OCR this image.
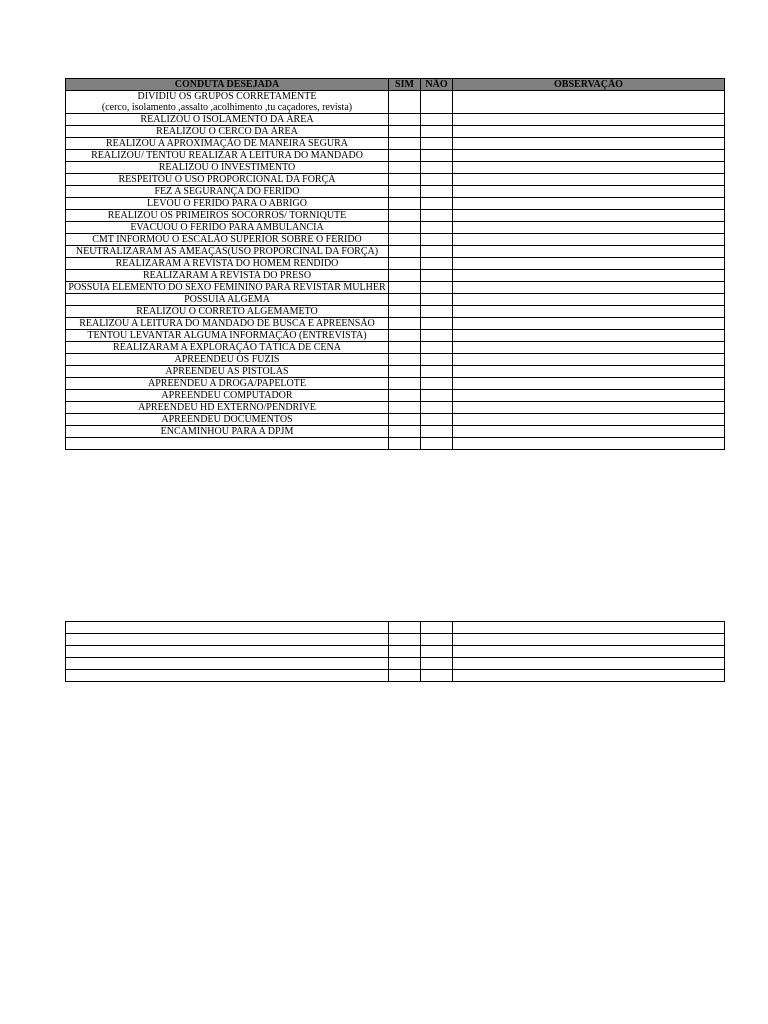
CONDUTA DESEJADA	SIM	NÃO	OBSERVAÇÃO

DIVIDIU OS GRUPOS CORRETAMENTE
(cerco, isolamento ,assalto ,acolhimento ,tu caçadores, revista)			

REALIZOU O ISOLAMENTO DA ÁREA			

REALIZOU O CERCO DA ÁREA			

REALIZOU A APROXIMAÇÃO DE MANEIRA SEGURA			

REALIZOU/ TENTOU REALIZAR A LEITURA DO MANDADO			

REALIZOU O INVESTIMENTO			

RESPEITOU O USO PROPORCIONAL DA FORÇA			

FEZ A SEGURANÇA DO FERIDO			

LEVOU O FERIDO PARA O ABRIGO			

REALIZOU OS PRIMEIROS SOCORROS/ TORNIQUTE			

EVACUOU O FERIDO PARA AMBULÂNCIA			

CMT INFORMOU O ESCALÃO SUPERIOR SOBRE O FERIDO			

NEUTRALIZARAM AS AMEAÇAS(USO PROPORCINAL DA FORÇA)			

REALIZARAM A REVISTA DO HOMEM RENDIDO			

REALIZARAM A REVISTA DO PRESO			

POSSUIA ELEMENTO DO SEXO FEMININO PARA REVISTAR MULHER			

POSSUIA ALGEMA			

REALIZOU O CORRETO ALGEMAMETO			

REALIZOU A LEITURA DO MANDADO DE BUSCA E APREENSÃO			

TENTOU LEVANTAR ALGUMA INFORMAÇÃO (ENTREVISTA)			

REALIZARAM A EXPLORAÇÃO TÁTICA DE CENA			

APREENDEU OS FUZIS			

APREENDEU AS PISTOLAS			

APREENDEU A DROGA/PAPELOTE			

APREENDEU COMPUTADOR			

APREENDEU HD EXTERNO/PENDRIVE			

APREENDEU DOCUMENTOS			

ENCAMINHOU PARA A DPJM			
